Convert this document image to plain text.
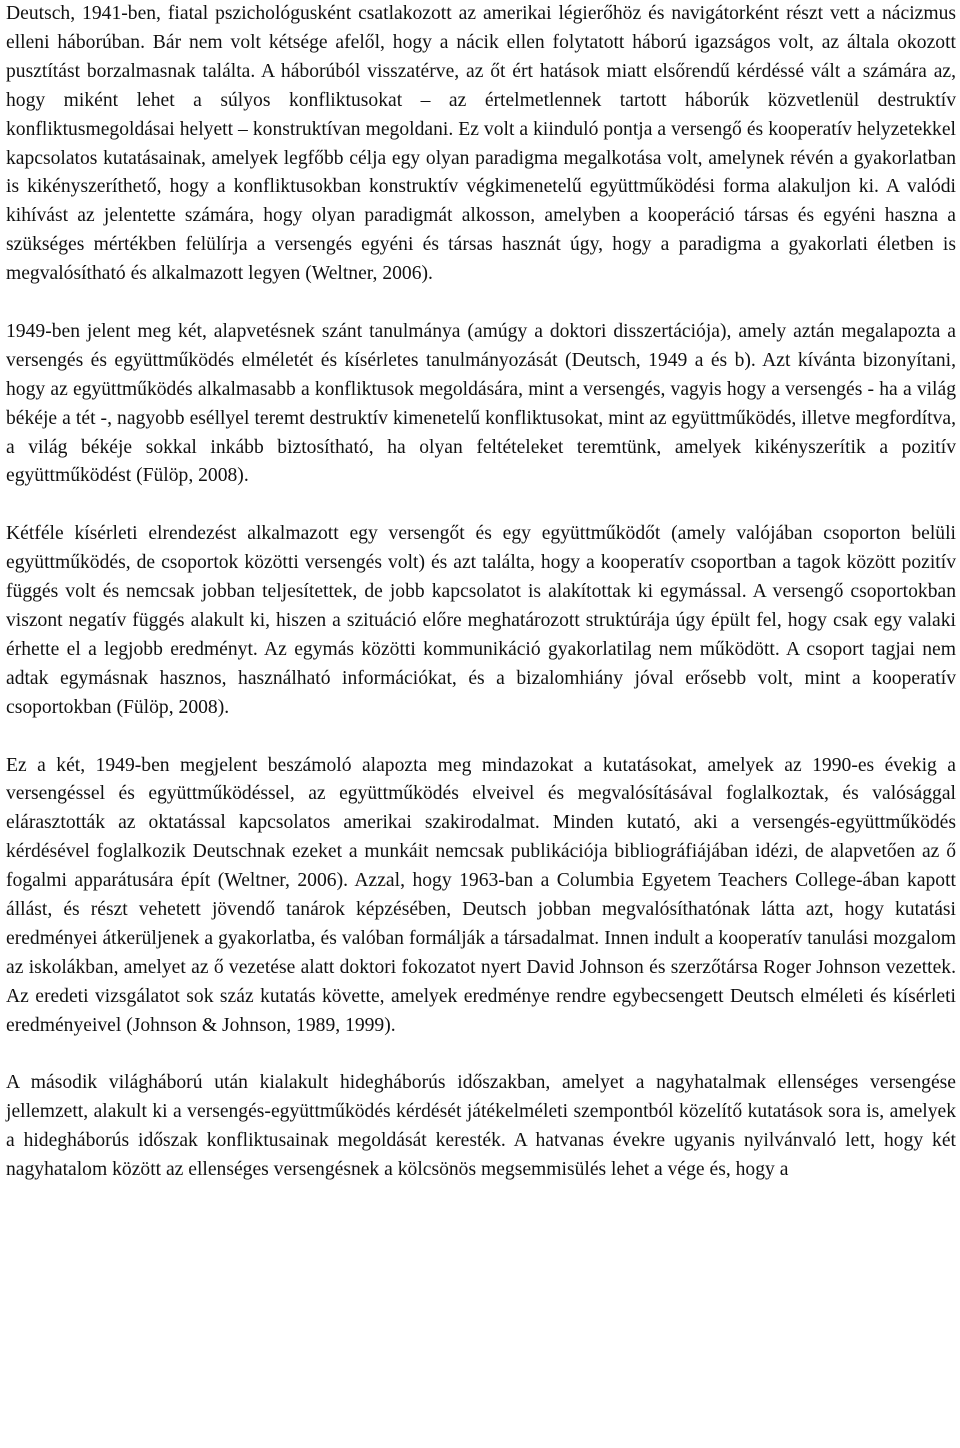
Deutsch, 1941-ben, fiatal pszichológusként csatlakozott az amerikai légierőhöz és navigátorként részt vett a nácizmus elleni háborúban. Bár nem volt kétsége afelől, hogy a nácik ellen folytatott háború igazságos volt, az általa okozott pusztítást borzalmasnak találta. A háborúból visszatérve, az őt ért hatások miatt elsőrendű kérdéssé vált a számára az, hogy miként lehet a súlyos konfliktusokat – az értelmetlennek tartott háborúk közvetlenül destruktív konfliktusmegoldásai helyett – konstruktívan megoldani. Ez volt a kiinduló pontja a versengő és kooperatív helyzetekkel kapcsolatos kutatásainak, amelyek legfőbb célja egy olyan paradigma megalkotása volt, amelynek révén a gyakorlatban is kikényszeríthető, hogy a konfliktusokban konstruktív végkimenetelű együttműködési forma alakuljon ki. A valódi kihívást az jelentette számára, hogy olyan paradigmát alkosson, amelyben a kooperáció társas és egyéni haszna a szükséges mértékben felülírja a versengés egyéni és társas hasznát úgy, hogy a paradigma a gyakorlati életben is megvalósítható és alkalmazott legyen (Weltner, 2006).

1949-ben jelent meg két, alapvetésnek szánt tanulmánya (amúgy a doktori disszertációja), amely aztán megalapozta a versengés és együttműködés elméletét és kísérletes tanulmányozását (Deutsch, 1949 a és b). Azt kívánta bizonyítani, hogy az együttműködés alkalmasabb a konfliktusok megoldására, mint a versengés, vagyis hogy a versengés - ha a világ békéje a tét -, nagyobb eséllyel teremt destruktív kimenetelű konfliktusokat, mint az együttműködés, illetve megfordítva, a világ békéje sokkal inkább biztosítható, ha olyan feltételeket teremtünk, amelyek kikényszerítik a pozitív együttműködést (Fülöp, 2008).

Kétféle kísérleti elrendezést alkalmazott egy versengőt és egy együttműködőt (amely valójában csoporton belüli együttműködés, de csoportok közötti versengés volt) és azt találta, hogy a kooperatív csoportban a tagok között pozitív függés volt és nemcsak jobban teljesítettek, de jobb kapcsolatot is alakítottak ki egymással. A versengő csoportokban viszont negatív függés alakult ki, hiszen a szituáció előre meghatározott struktúrája úgy épült fel, hogy csak egy valaki érhette el a legjobb eredményt. Az egymás közötti kommunikáció gyakorlatilag nem működött. A csoport tagjai nem adtak egymásnak hasznos, használható információkat, és a bizalomhiány jóval erősebb volt, mint a kooperatív csoportokban (Fülöp, 2008).

Ez a két, 1949-ben megjelent beszámoló alapozta meg mindazokat a kutatásokat, amelyek az 1990-es évekig a versengéssel és együttműködéssel, az együttműködés elveivel és megvalósításával foglalkoztak, és valósággal elárasztották az oktatással kapcsolatos amerikai szakirodalmat. Minden kutató, aki a versengés-együttműködés kérdésével foglalkozik Deutschnak ezeket a munkáit nemcsak publikációja bibliográfiájában idézi, de alapvetően az ő fogalmi apparátusára épít (Weltner, 2006). Azzal, hogy 1963-ban a Columbia Egyetem Teachers College-ában kapott állást, és részt vehetett jövendő tanárok képzésében, Deutsch jobban megvalósíthatónak látta azt, hogy kutatási eredményei átkerüljenek a gyakorlatba, és valóban formálják a társadalmat. Innen indult a kooperatív tanulási mozgalom az iskolákban, amelyet az ő vezetése alatt doktori fokozatot nyert David Johnson és szerzőtársa Roger Johnson vezettek. Az eredeti vizsgálatot sok száz kutatás követte, amelyek eredménye rendre egybecsengett Deutsch elméleti és kísérleti eredményeivel (Johnson & Johnson, 1989, 1999).

A második világháború után kialakult hidegháborús időszakban, amelyet a nagyhatalmak ellenséges versengése jellemzett, alakult ki a versengés-együttműködés kérdését játékelméleti szempontból közelítő kutatások sora is, amelyek a hidegháborús időszak konfliktusainak megoldását keresték. A hatvanas évekre ugyanis nyilvánvaló lett, hogy két nagyhatalom között az ellenséges versengésnek a kölcsönös megsemmisülés lehet a vége és, hogy a
